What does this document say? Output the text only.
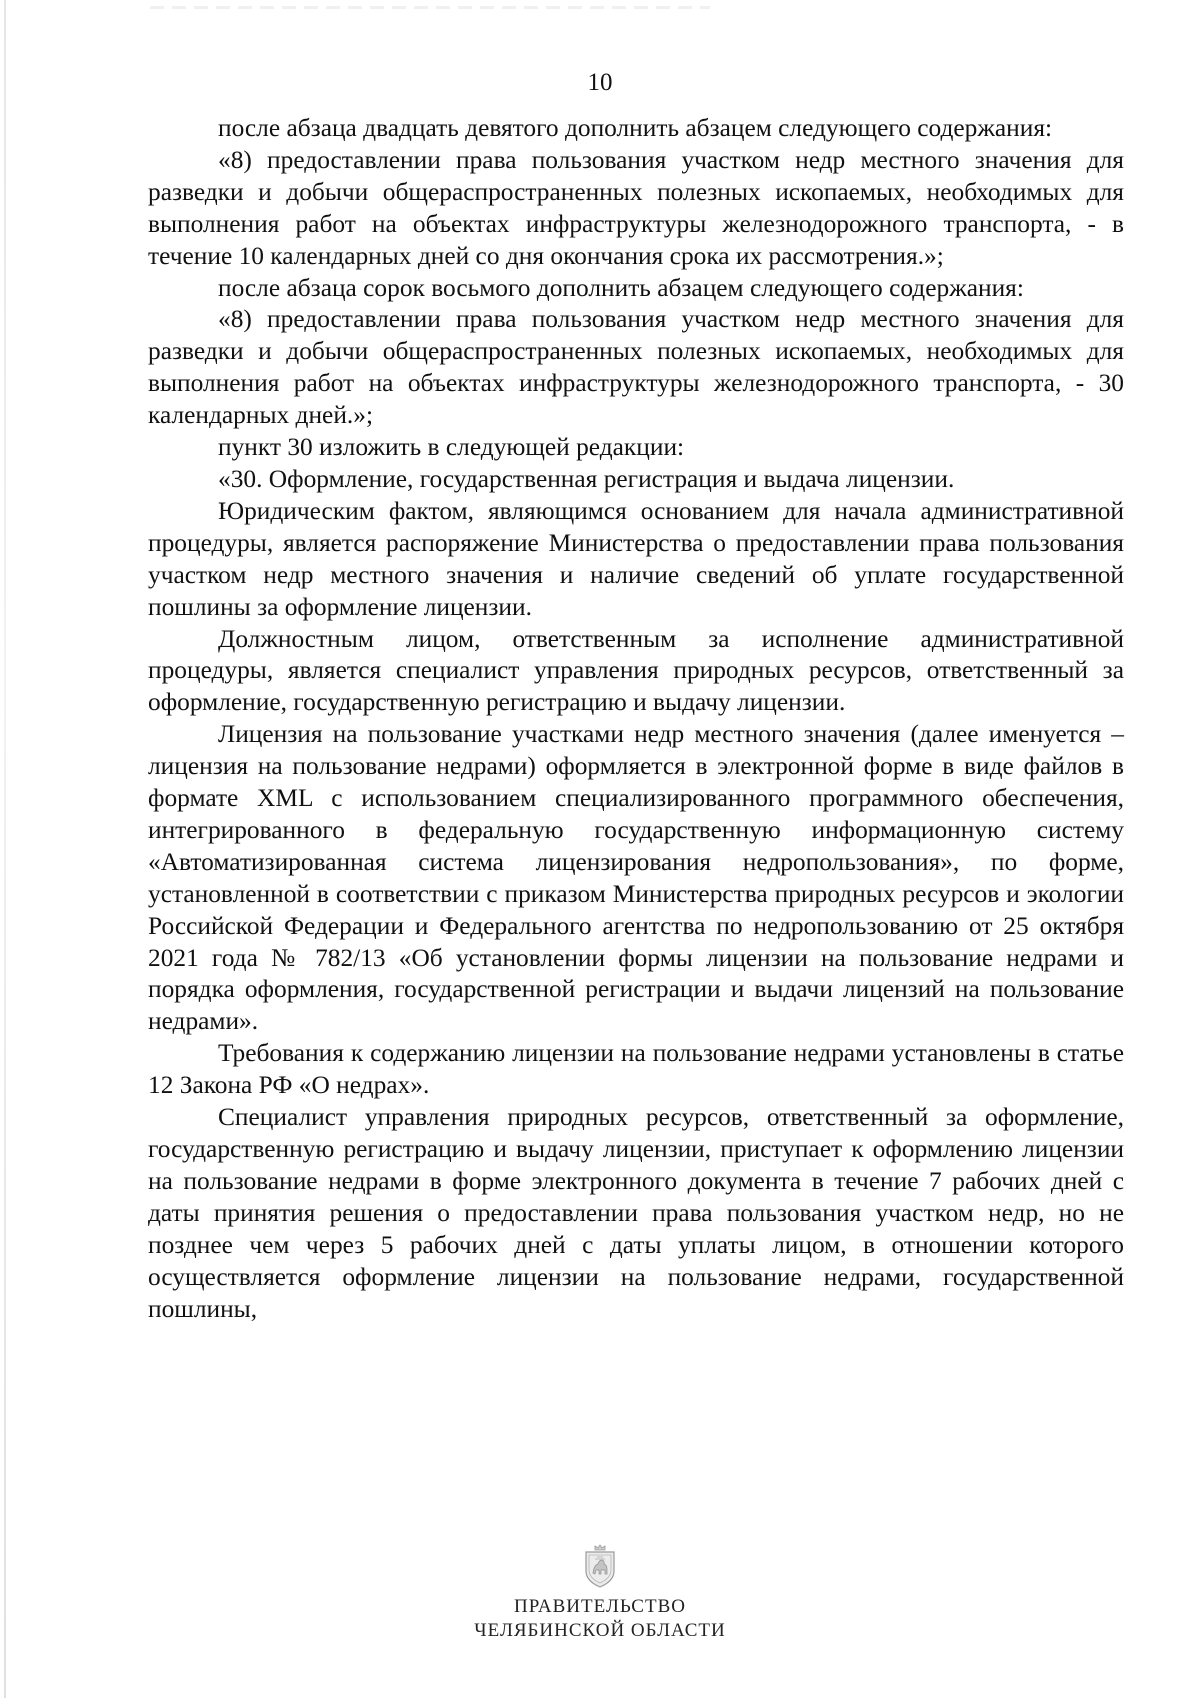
10

после абзаца двадцать девятого дополнить абзацем следующего содержания:

«8) предоставлении права пользования участком недр местного значения для разведки и добычи общераспространенных полезных ископаемых, необходимых для выполнения работ на объектах инфраструктуры железнодорожного транспорта, - в течение 10 календарных дней со дня окончания срока их рассмотрения.»;

после абзаца сорок восьмого дополнить абзацем следующего содержания:

«8) предоставлении права пользования участком недр местного значения для разведки и добычи общераспространенных полезных ископаемых, необходимых для выполнения работ на объектах инфраструктуры железнодорожного транспорта, - 30 календарных дней.»;

пункт 30 изложить в следующей редакции:

«30. Оформление, государственная регистрация и выдача лицензии.

Юридическим фактом, являющимся основанием для начала административной процедуры, является распоряжение Министерства о предоставлении права пользования участком недр местного значения и наличие сведений об уплате государственной пошлины за оформление лицензии.

Должностным лицом, ответственным за исполнение административной процедуры, является специалист управления природных ресурсов, ответственный за оформление, государственную регистрацию и выдачу лицензии.

Лицензия на пользование участками недр местного значения (далее именуется – лицензия на пользование недрами) оформляется в электронной форме в виде файлов в формате XML с использованием специализированного программного обеспечения, интегрированного в федеральную государственную информационную систему «Автоматизированная система лицензирования недропользования», по форме, установленной в соответствии с приказом Министерства природных ресурсов и экологии Российской Федерации и Федерального агентства по недропользованию от 25 октября 2021 года № 782/13 «Об установлении формы лицензии на пользование недрами и порядка оформления, государственной регистрации и выдачи лицензий на пользование недрами».

Требования к содержанию лицензии на пользование недрами установлены в статье 12 Закона РФ «О недрах».

Специалист управления природных ресурсов, ответственный за оформление, государственную регистрацию и выдачу лицензии, приступает к оформлению лицензии на пользование недрами в форме электронного документа в течение 7 рабочих дней с даты принятия решения о предоставлении права пользования участком недр, но не позднее чем через 5 рабочих дней с даты уплаты лицом, в отношении которого осуществляется оформление лицензии на пользование недрами, государственной пошлины,

ПРАВИТЕЛЬСТВО
ЧЕЛЯБИНСКОЙ ОБЛАСТИ
